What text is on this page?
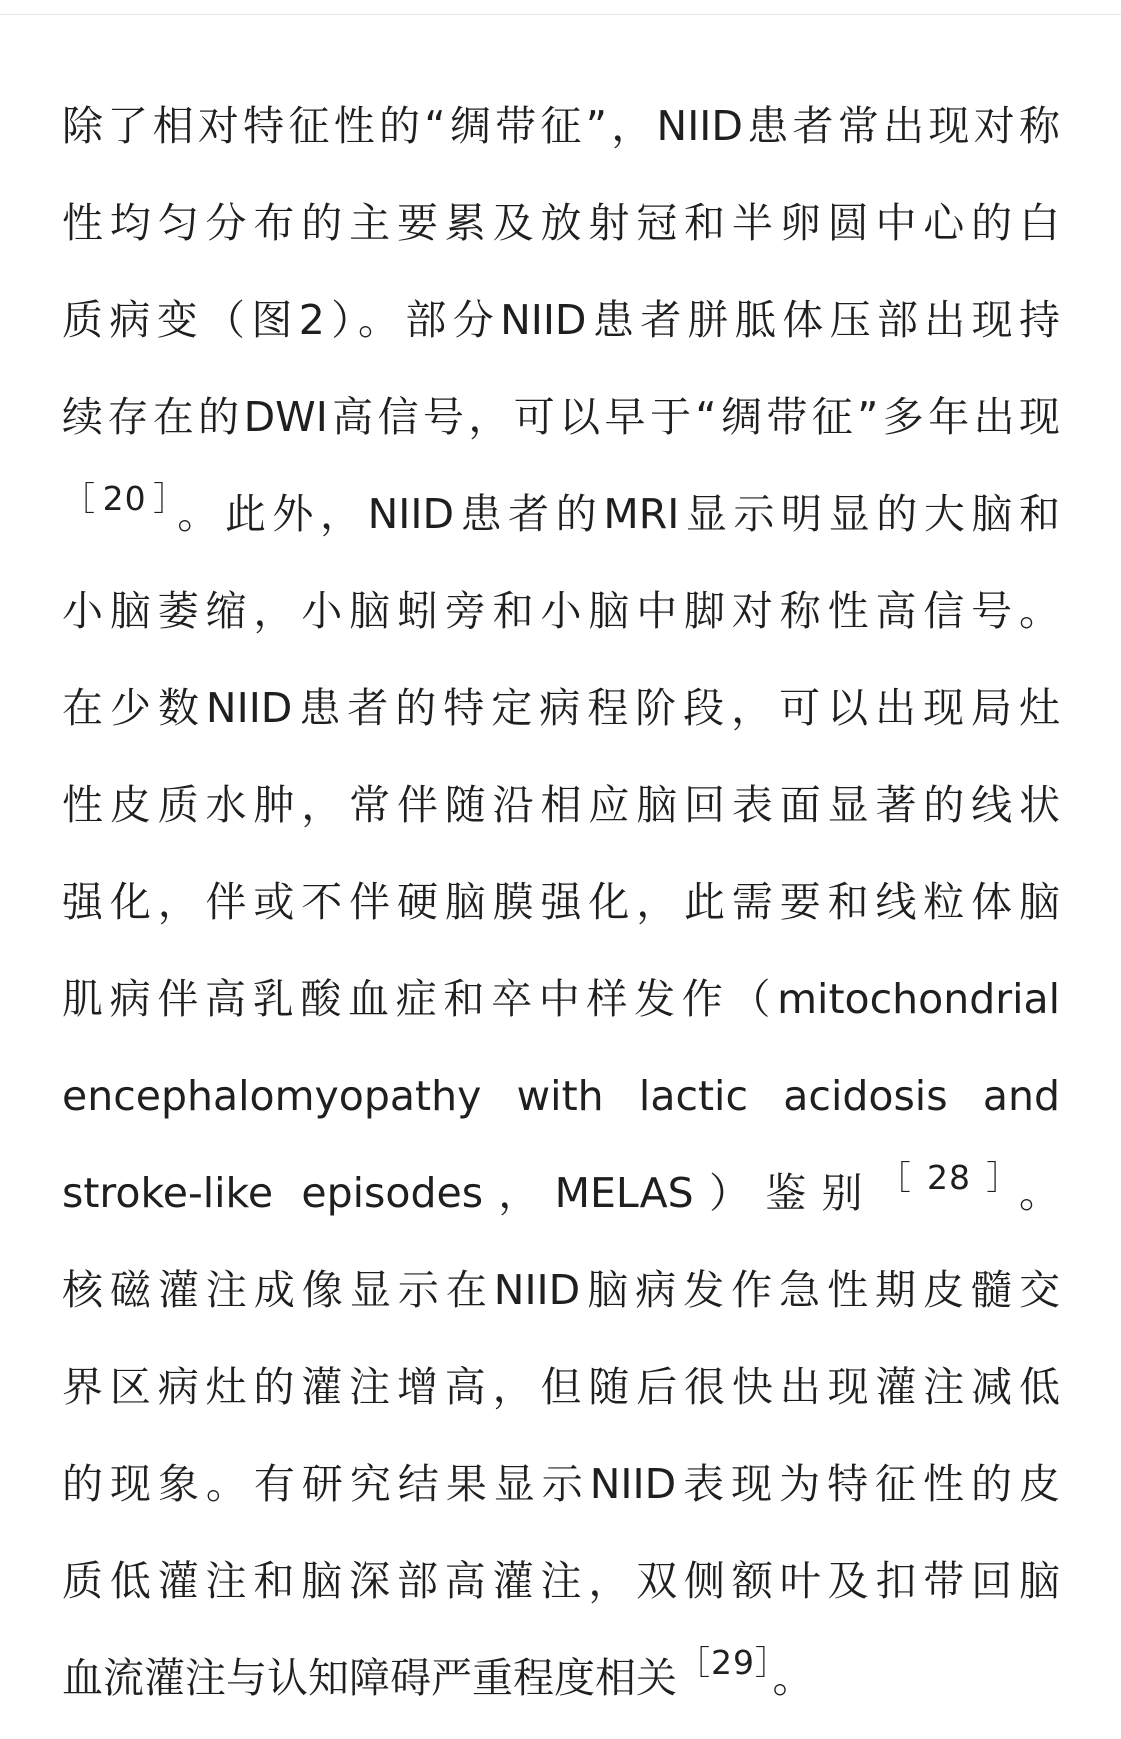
除了相对特征性的“绸带征”，NIID患者常出现对称
性均匀分布的主要累及放射冠和半卵圆中心的白
质病变（图2）。部分NIID患者胼胝体压部出现持
续存在的DWI高信号，可以早于“绸带征”多年出现
$^{[20]}$。此外，NIID患者的MRI显示明显的大脑和
小脑萎缩，小脑蚓旁和小脑中脚对称性高信号。
在少数NIID患者的特定病程阶段，可以出现局灶
性皮质水肿，常伴随沿相应脑回表面显著的线状
强化，伴或不伴硬脑膜强化，此需要和线粒体脑
肌病伴高乳酸血症和卒中样发作（mitochondrial
encephalomyopathy with lactic acidosis and
stroke-like episodes，MELAS）鉴别$^{[28]}$。
核磁灌注成像显示在NIID脑病发作急性期皮髓交
界区病灶的灌注增高，但随后很快出现灌注减低
的现象。有研究结果显示NIID表现为特征性的皮
质低灌注和脑深部高灌注，双侧额叶及扣带回脑
血流灌注与认知障碍严重程度相关$^{[29]}$。
